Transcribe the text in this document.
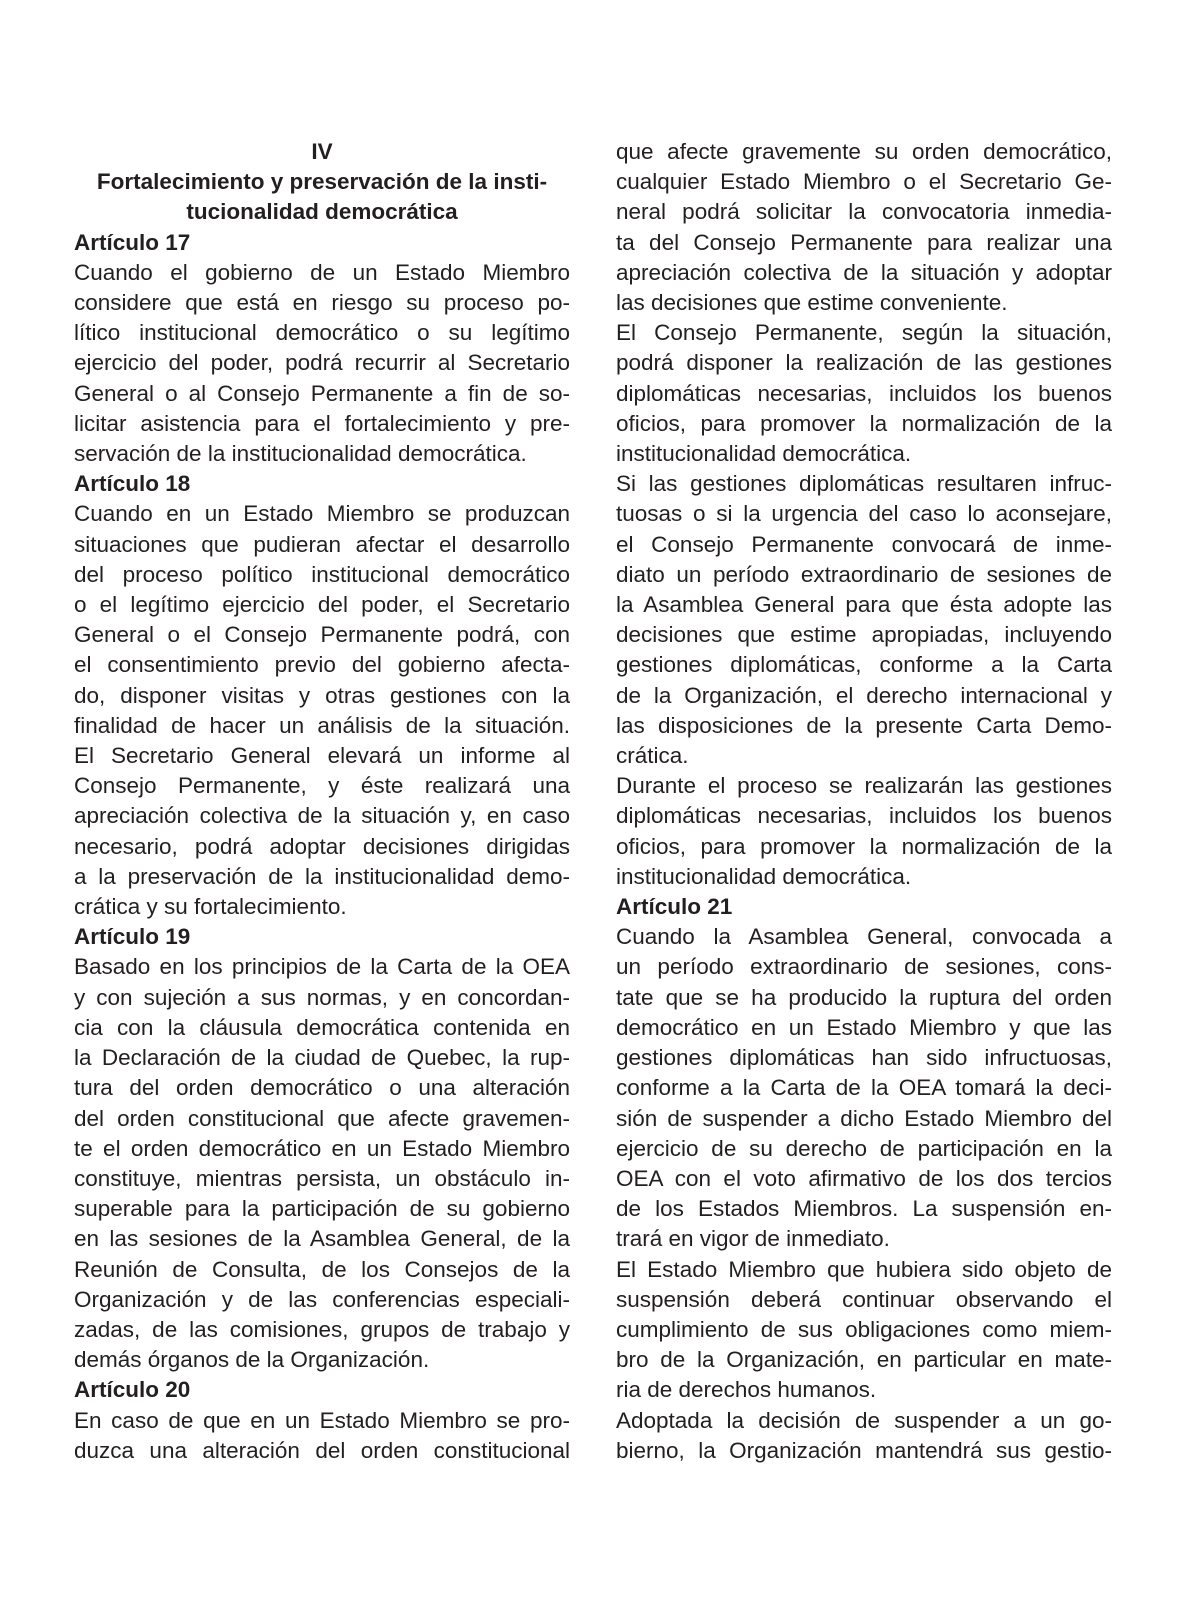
IV
Fortalecimiento y preservación de la insti-
tucionalidad democrática
Artículo 17
Cuando el gobierno de un Estado Miembro
considere que está en riesgo su proceso po-
lítico institucional democrático o su legítimo
ejercicio del poder, podrá recurrir al Secretario
General o al Consejo Permanente a fin de so-
licitar asistencia para el fortalecimiento y pre-
servación de la institucionalidad democrática.
Artículo 18
Cuando en un Estado Miembro se produzcan
situaciones que pudieran afectar el desarrollo
del proceso político institucional democrático
o el legítimo ejercicio del poder, el Secretario
General o el Consejo Permanente podrá, con
el consentimiento previo del gobierno afecta-
do, disponer visitas y otras gestiones con la
finalidad de hacer un análisis de la situación.
El Secretario General elevará un informe al
Consejo Permanente, y éste realizará una
apreciación colectiva de la situación y, en caso
necesario, podrá adoptar decisiones dirigidas
a la preservación de la institucionalidad demo-
crática y su fortalecimiento.
Artículo 19
Basado en los principios de la Carta de la OEA
y con sujeción a sus normas, y en concordan-
cia con la cláusula democrática contenida en
la Declaración de la ciudad de Quebec, la rup-
tura del orden democrático o una alteración
del orden constitucional que afecte gravemen-
te el orden democrático en un Estado Miembro
constituye, mientras persista, un obstáculo in-
superable para la participación de su gobierno
en las sesiones de la Asamblea General, de la
Reunión de Consulta, de los Consejos de la
Organización y de las conferencias especiali-
zadas, de las comisiones, grupos de trabajo y
demás órganos de la Organización.
Artículo 20
En caso de que en un Estado Miembro se pro-
duzca una alteración del orden constitucional
que afecte gravemente su orden democrático,
cualquier Estado Miembro o el Secretario Ge-
neral podrá solicitar la convocatoria inmedia-
ta del Consejo Permanente para realizar una
apreciación colectiva de la situación y adoptar
las decisiones que estime conveniente.
El Consejo Permanente, según la situación,
podrá disponer la realización de las gestiones
diplomáticas necesarias, incluidos los buenos
oficios, para promover la normalización de la
institucionalidad democrática.
Si las gestiones diplomáticas resultaren infruc-
tuosas o si la urgencia del caso lo aconsejare,
el Consejo Permanente convocará de inme-
diato un período extraordinario de sesiones de
la Asamblea General para que ésta adopte las
decisiones que estime apropiadas, incluyendo
gestiones diplomáticas, conforme a la Carta
de la Organización, el derecho internacional y
las disposiciones de la presente Carta Demo-
crática.
Durante el proceso se realizarán las gestiones
diplomáticas necesarias, incluidos los buenos
oficios, para promover la normalización de la
institucionalidad democrática.
Artículo 21
Cuando la Asamblea General, convocada a
un período extraordinario de sesiones, cons-
tate que se ha producido la ruptura del orden
democrático en un Estado Miembro y que las
gestiones diplomáticas han sido infructuosas,
conforme a la Carta de la OEA tomará la deci-
sión de suspender a dicho Estado Miembro del
ejercicio de su derecho de participación en la
OEA con el voto afirmativo de los dos tercios
de los Estados Miembros. La suspensión en-
trará en vigor de inmediato.
El Estado Miembro que hubiera sido objeto de
suspensión deberá continuar observando el
cumplimiento de sus obligaciones como miem-
bro de la Organización, en particular en mate-
ria de derechos humanos.
Adoptada la decisión de suspender a un go-
bierno, la Organización mantendrá sus gestio-
